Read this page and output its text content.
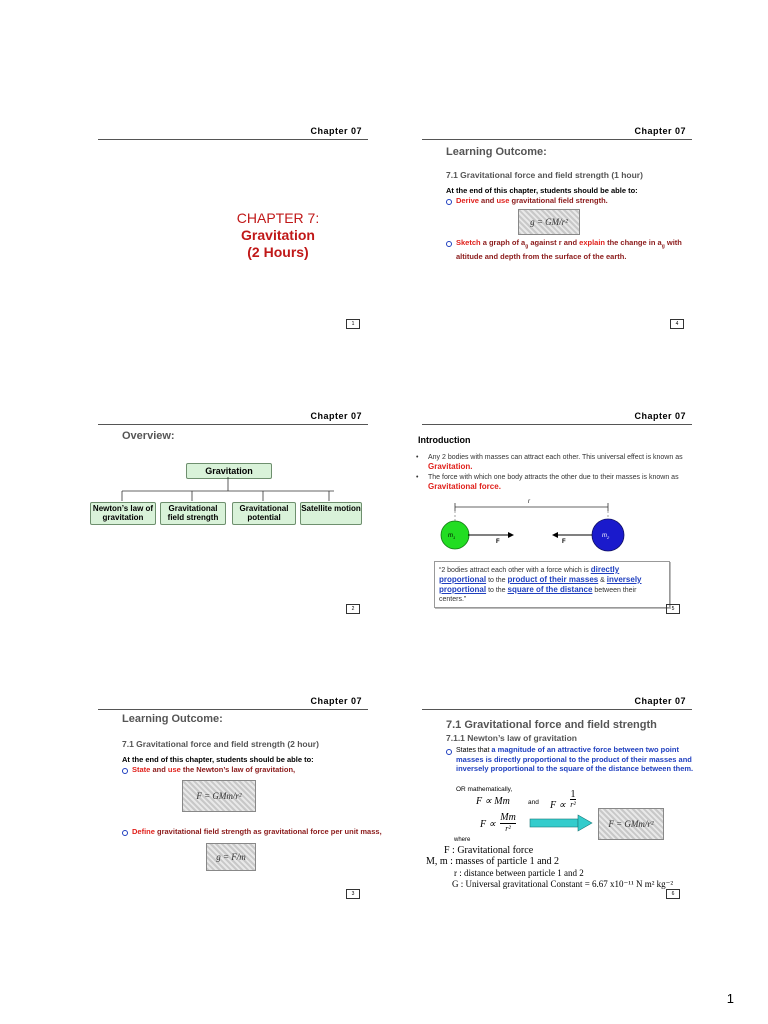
Chapter 07
CHAPTER 7:
Gravitation
(2 Hours)
1
Chapter 07
Learning Outcome:
7.1 Gravitational force and field strength (1 hour)
At the end of this chapter, students should be able to:
Derive and use gravitational field strength.
g = GM/r²
Sketch a graph of $a_g$ against r and explain the change in $a_g$ with altitude and depth from the surface of the earth.
4
Chapter 07
Overview:
Gravitation
Newton’s law of gravitation
Gravitational field strength
Gravitational potential
Satellite motion
2
Chapter 07
Introduction
• Any 2 bodies with masses can attract each other. This universal effect is known as Gravitation.
• The force with which one body attracts the other due to their masses is known as Gravitational force.
r
$m_1$	$m_2$
F	F
“2 bodies attract each other with a force which is directly proportional to the product of their masses & inversely proportional to the square of the distance between their centers.”
5
Chapter 07
Learning Outcome:
7.1 Gravitational force and field strength (2 hour)
At the end of this chapter, students should be able to:
State and use the Newton’s law of gravitation,
F = GMm/r²
Define gravitational field strength as gravitational force per unit mass,
g = F/m
3
Chapter 07
7.1 Gravitational force and field strength
7.1.1 Newton’s law of gravitation
States that a magnitude of an attractive force between two point masses is directly proportional to the product of their masses and inversely proportional to the square of the distance between them.
OR mathematically,
F ∝ Mm	and F ∝
1
r²
F ∝
Mm
r²	F = GMm/r²
where
F : Gravitational force
M, m : masses of particle 1 and 2
r : distance between particle 1 and 2
G : Universal gravitational Constant = 6.67 x10⁻¹¹ N m² kg⁻²
6
1
